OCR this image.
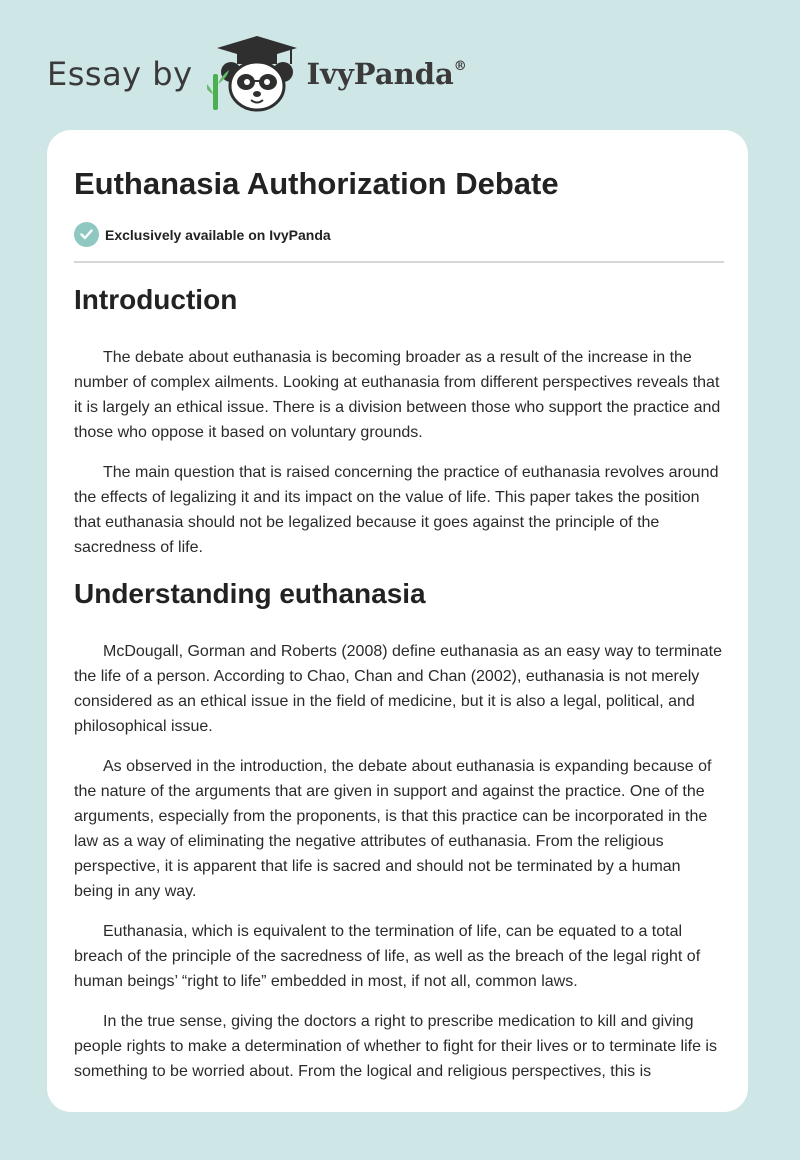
Essay by	IvyPanda®
Euthanasia Authorization Debate
Exclusively available on IvyPanda
Introduction

The debate about euthanasia is becoming broader as a result of the increase in the number of complex ailments. Looking at euthanasia from different perspectives reveals that it is largely an ethical issue. There is a division between those who support the practice and those who oppose it based on voluntary grounds.

The main question that is raised concerning the practice of euthanasia revolves around the effects of legalizing it and its impact on the value of life. This paper takes the position that euthanasia should not be legalized because it goes against the principle of the sacredness of life.

Understanding euthanasia

McDougall, Gorman and Roberts (2008) define euthanasia as an easy way to terminate the life of a person. According to Chao, Chan and Chan (2002), euthanasia is not merely considered as an ethical issue in the field of medicine, but it is also a legal, political, and philosophical issue.

As observed in the introduction, the debate about euthanasia is expanding because of the nature of the arguments that are given in support and against the practice. One of the arguments, especially from the proponents, is that this practice can be incorporated in the law as a way of eliminating the negative attributes of euthanasia. From the religious perspective, it is apparent that life is sacred and should not be terminated by a human being in any way.

Euthanasia, which is equivalent to the termination of life, can be equated to a total breach of the principle of the sacredness of life, as well as the breach of the legal right of human beings’ “right to life” embedded in most, if not all, common laws.

In the true sense, giving the doctors a right to prescribe medication to kill and giving people rights to make a determination of whether to fight for their lives or to terminate life is something to be worried about. From the logical and religious perspectives, this is
